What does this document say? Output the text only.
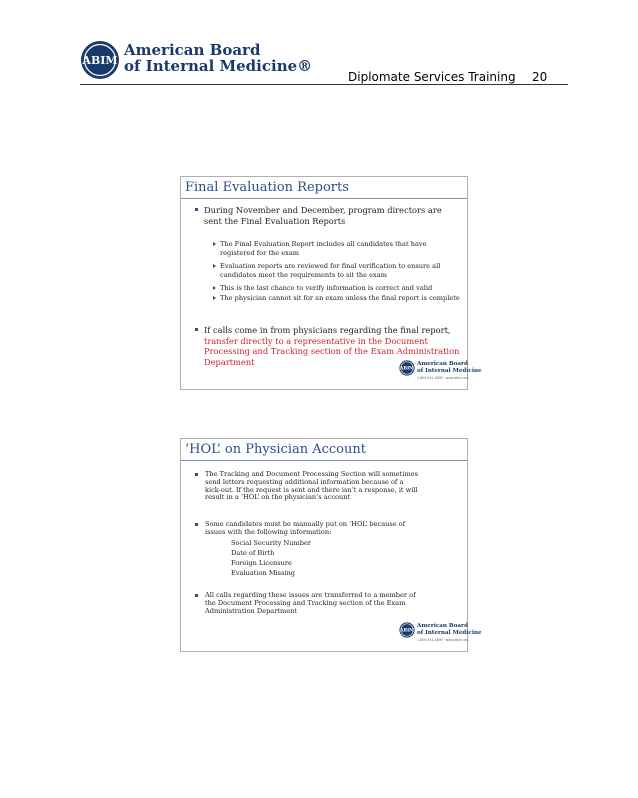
ABIM
American Board
of Internal Medicine®
Diplomate Services Training 20
Final Evaluation Reports
During November and December, program directors are sent the Final Evaluation Reports
The Final Evaluation Report includes all candidates that have registered for the exam
Evaluation reports are reviewed for final verification to ensure all candidates meet the requirements to sit the exam
This is the last chance to verify information is correct and valid
The physician cannot sit for an exam unless the final report is complete
If calls come in from physicians regarding the final report, transfer directly to a representative in the Document Processing and Tracking section of the Exam Administration Department
ABIM
American Board
of Internal Medicine
1-800-441-ABIM · www.abim.org
‘HOL’ on Physician Account
The Tracking and Document Processing Section will sometimes send letters requesting additional information because of a kick-out. If the request is sent and there isn’t a response, it will result in a ‘HOL’ on the physician’s account
Some candidates must be manually put on ‘HOL’ because of issues with the following information:
Social Security Number
Date of Birth
Foreign Licensure
Evaluation Missing
All calls regarding these issues are transferred to a member of the Document Processing and Tracking section of the Exam Administration Department
ABIM
American Board
of Internal Medicine
1-800-441-ABIM · www.abim.org
